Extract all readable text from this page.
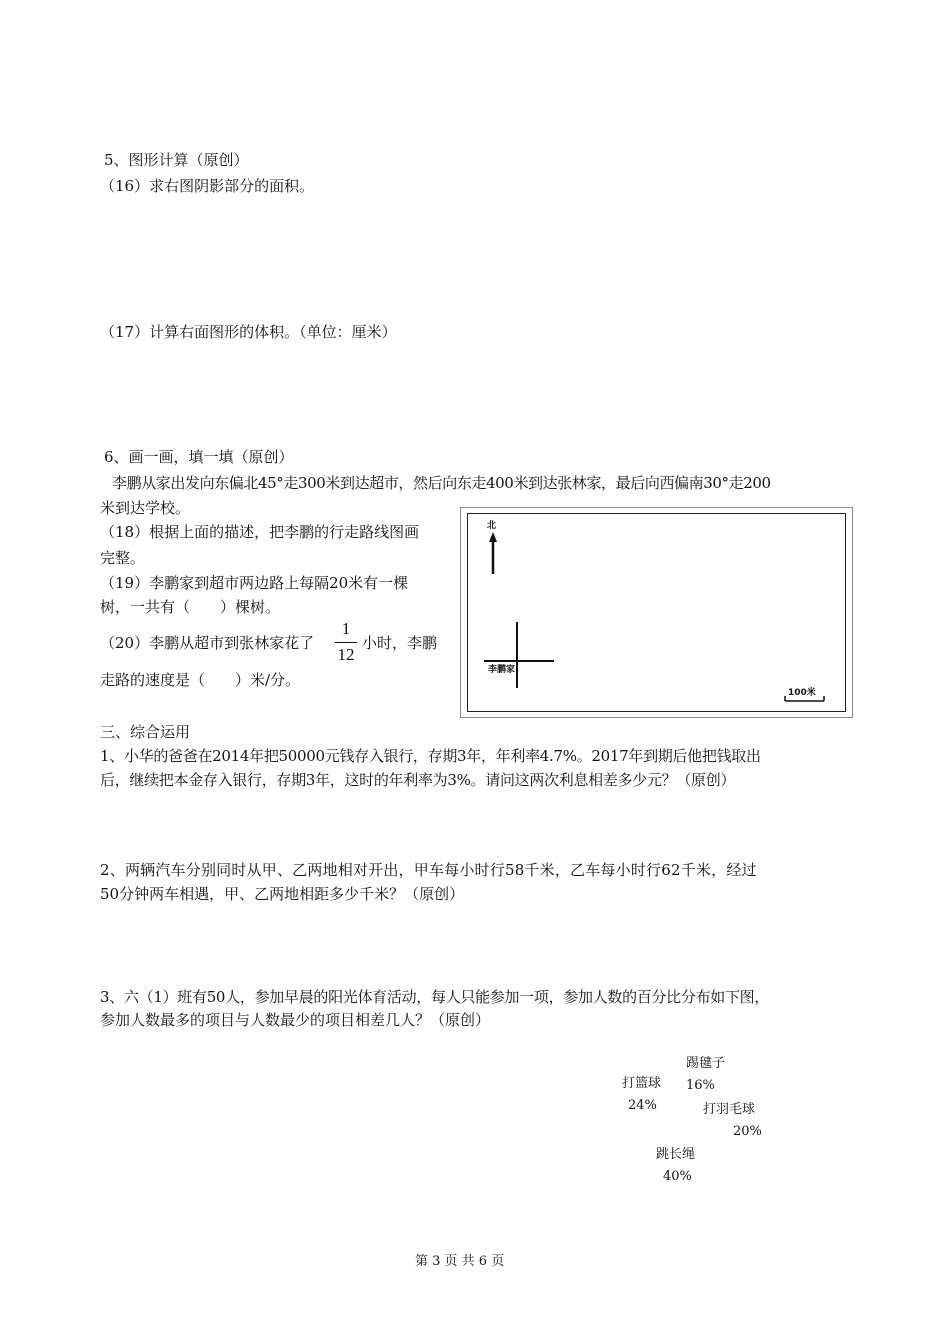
5、图形计算（原创）
（16）求右图阴影部分的面积。
（17）计算右面图形的体积。（单位：厘米）
6、画一画，填一填（原创）
李鹏从家出发向东偏北45°走300米到达超市，然后向东走400米到达张林家，最后向西偏南30°走200
米到达学校。
（18）根据上面的描述，把李鹏的行走路线图画
完整。
（19）李鹏家到超市两边路上每隔20米有一棵
树，一共有（　　）棵树。
（20）李鹏从超市到张林家花了
1
12
小时，李鹏
走路的速度是（　　）米/分。
北
李鹏家
100米
三、综合运用
1、小华的爸爸在2014年把50000元钱存入银行，存期3年，年利率4.7%。2017年到期后他把钱取出
后，继续把本金存入银行，存期3年，这时的年利率为3%。请问这两次利息相差多少元？（原创）
2、两辆汽车分别同时从甲、乙两地相对开出，甲车每小时行58千米，乙车每小时行62千米，经过
50分钟两车相遇，甲、乙两地相距多少千米？（原创）
3、六（1）班有50人，参加早晨的阳光体育活动，每人只能参加一项，参加人数的百分比分布如下图，
参加人数最多的项目与人数最少的项目相差几人？（原创）
踢毽子
16%
打篮球
24%	打羽毛球
20%
跳长绳
40%
第 3 页 共 6 页
